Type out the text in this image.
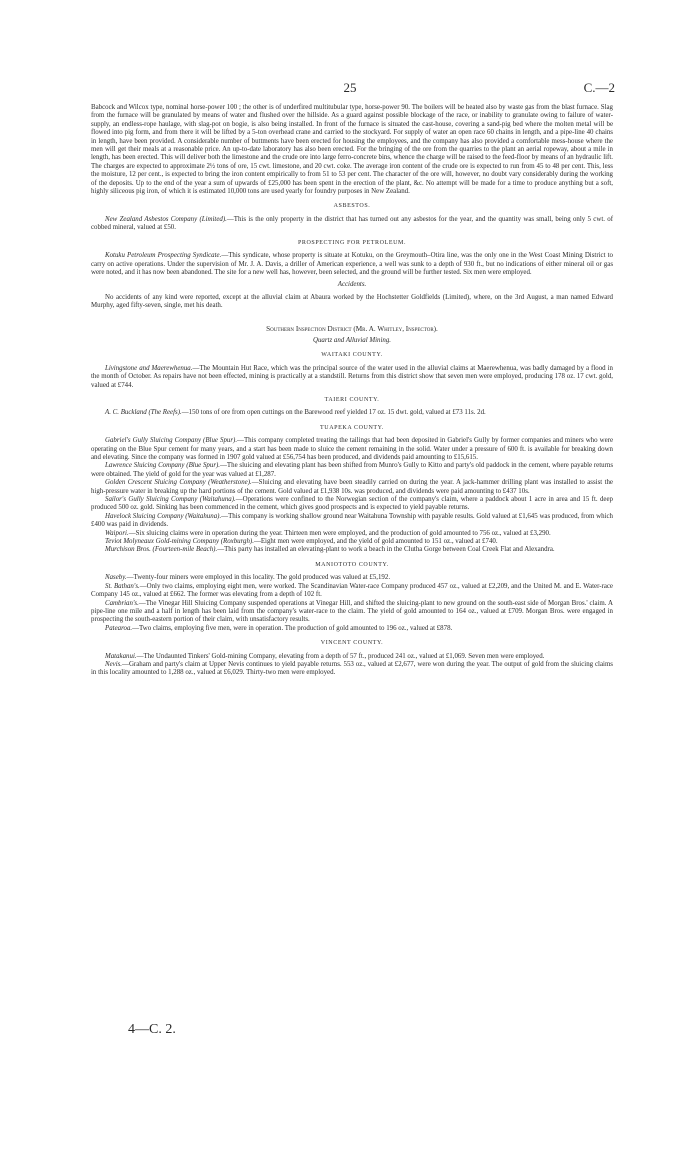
25	C.—2

Babcock and Wilcox type, nominal horse-power 100 ; the other is of underfired multitubular type, horse-power 90. The boilers will be heated also by waste gas from the blast furnace. Slag from the furnace will be granulated by means of water and flushed over the hillside. As a guard against possible blockage of the race, or inability to granulate owing to failure of water-supply, an endless-rope haulage, with slag-pot on bogie, is also being installed. In front of the furnace is situated the cast-house, covering a sand-pig bed where the molten metal will be flowed into pig form, and from there it will be lifted by a 5-ton overhead crane and carried to the stockyard. For supply of water an open race 60 chains in length, and a pipe-line 40 chains in length, have been provided. A considerable number of buttments have been erected for housing the employees, and the company has also provided a comfortable mess-house where the men will get their meals at a reasonable price. An up-to-date laboratory has also been erected. For the bringing of the ore from the quarries to the plant an aerial ropeway, about a mile in length, has been erected. This will deliver both the limestone and the crude ore into large ferro-concrete bins, whence the charge will be raised to the feed-floor by means of an hydraulic lift. The charges are expected to approximate 2½ tons of ore, 15 cwt. limestone, and 20 cwt. coke. The average iron content of the crude ore is expected to run from 45 to 48 per cent. This, less the moisture, 12 per cent., is expected to bring the iron content empirically to from 51 to 53 per cent. The character of the ore will, however, no doubt vary considerably during the working of the deposits. Up to the end of the year a sum of upwards of £25,000 has been spent in the erection of the plant, &c. No attempt will be made for a time to produce anything but a soft, highly siliceous pig iron, of which it is estimated 10,000 tons are used yearly for foundry purposes in New Zealand.

ASBESTOS.

New Zealand Asbestos Company (Limited).—This is the only property in the district that has turned out any asbestos for the year, and the quantity was small, being only 5 cwt. of cobbed mineral, valued at £50.

PROSPECTING FOR PETROLEUM.

Kotuku Petroleum Prospecting Syndicate.—This syndicate, whose property is situate at Kotuku, on the Greymouth–Otira line, was the only one in the West Coast Mining District to carry on active operations. Under the supervision of Mr. J. A. Davis, a driller of American experience, a well was sunk to a depth of 930 ft., but no indications of either mineral oil or gas were noted, and it has now been abandoned. The site for a new well has, however, been selected, and the ground will be further tested. Six men were employed.

Accidents.

No accidents of any kind were reported, except at the alluvial claim at Abaura worked by the Hochstetter Goldfields (Limited), where, on the 3rd August, a man named Edward Murphy, aged fifty-seven, single, met his death.

Southern Inspection District (Mr. A. Whitley, Inspector).
Quartz and Alluvial Mining.
WAITAKI COUNTY.

Livingstone and Maerewhenua.—The Mountain Hut Race, which was the principal source of the water used in the alluvial claims at Maerewhenua, was badly damaged by a flood in the month of October. As repairs have not been effected, mining is practically at a standstill. Returns from this district show that seven men were employed, producing 178 oz. 17 cwt. gold, valued at £744.

TAIERI COUNTY.

A. C. Buckland (The Reefs).—150 tons of ore from open cuttings on the Barewood reef yielded 17 oz. 15 dwt. gold, valued at £73 11s. 2d.

TUAPEKA COUNTY.

Gabriel's Gully Sluicing Company (Blue Spur).—This company completed treating the tailings that had been deposited in Gabriel's Gully by former companies and miners who were operating on the Blue Spur cement for many years, and a start has been made to sluice the cement remaining in the solid. Water under a pressure of 600 ft. is available for breaking down and elevating. Since the company was formed in 1907 gold valued at £56,754 has been produced, and dividends paid amounting to £15,615.

Lawrence Sluicing Company (Blue Spur).—The sluicing and elevating plant has been shifted from Munro's Gully to Kitto and party's old paddock in the cement, where payable returns were obtained. The yield of gold for the year was valued at £1,287.

Golden Crescent Sluicing Company (Weatherstone).—Sluicing and elevating have been steadily carried on during the year. A jack-hammer drilling plant was installed to assist the high-pressure water in breaking up the hard portions of the cement. Gold valued at £1,938 10s. was produced, and dividends were paid amounting to £437 10s.

Sailor's Gully Sluicing Company (Waitahuna).—Operations were confined to the Norwegian section of the company's claim, where a paddock about 1 acre in area and 15 ft. deep produced 500 oz. gold. Sinking has been commenced in the cement, which gives good prospects and is expected to yield payable returns.

Havelock Sluicing Company (Waitahuna).—This company is working shallow ground near Waitahuna Township with payable results. Gold valued at £1,645 was produced, from which £400 was paid in dividends.

Waipori.—Six sluicing claims were in operation during the year. Thirteen men were employed, and the production of gold amounted to 756 oz., valued at £3,290.

Teviot Molyneaux Gold-mining Company (Roxburgh).—Eight men were employed, and the yield of gold amounted to 151 oz., valued at £740.

Murchison Bros. (Fourteen-mile Beach).—This party has installed an elevating-plant to work a beach in the Clutha Gorge between Coal Creek Flat and Alexandra.

MANIOTOTO COUNTY.

Naseby.—Twenty-four miners were employed in this locality. The gold produced was valued at £5,192.

St. Bathan's.—Only two claims, employing eight men, were worked. The Scandinavian Water-race Company produced 457 oz., valued at £2,209, and the United M. and E. Water-race Company 145 oz., valued at £662. The former was elevating from a depth of 102 ft.

Cambrian's.—The Vinegar Hill Sluicing Company suspended operations at Vinegar Hill, and shifted the sluicing-plant to new ground on the south-east side of Morgan Bros.' claim. A pipe-line one mile and a half in length has been laid from the company's water-race to the claim. The yield of gold amounted to 164 oz., valued at £709. Morgan Bros. were engaged in prospecting the south-eastern portion of their claim, with unsatisfactory results.

Patearoa.—Two claims, employing five men, were in operation. The production of gold amounted to 196 oz., valued at £878.

VINCENT COUNTY.

Matakanui.—The Undaunted Tinkers' Gold-mining Company, elevating from a depth of 57 ft., produced 241 oz., valued at £1,069. Seven men were employed.

Nevis.—Graham and party's claim at Upper Nevis continues to yield payable returns. 553 oz., valued at £2,677, were won during the year. The output of gold from the sluicing claims in this locality amounted to 1,288 oz., valued at £6,029. Thirty-two men were employed.

4—C. 2.
